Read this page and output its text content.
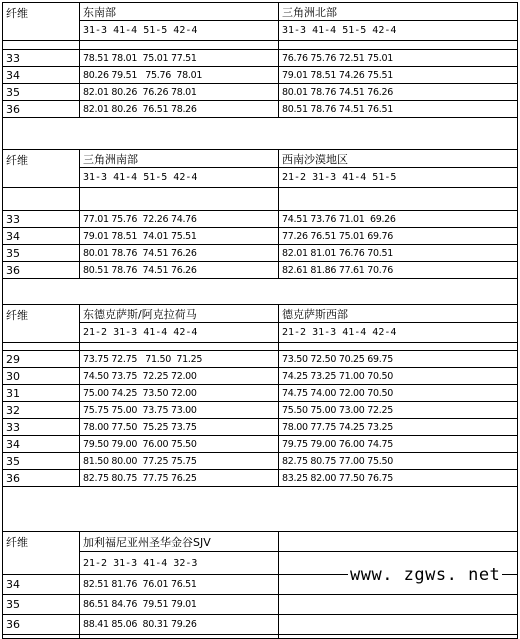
纤维	东南部	三角洲北部
	31-3 41-4 51-5 42-4	31-3 41-4 51-5 42-4

33	78.51 78.01  75.01 77.51	76.76 75.76 72.51 75.01
34	80.26 79.51   75.76  78.01	79.01 78.51 74.26 75.51
35	82.01 80.26  76.26 78.01	80.01 78.76 74.51 76.26
36	82.01 80.26  76.51 78.26	80.51 78.76 74.51 76.51

纤维	三角洲南部	西南沙漠地区
	31-3 41-4 51-5 42-4	21-2 31-3 41-4 51-5

33	77.01 75.76  72.26 74.76	74.51 73.76 71.01  69.26
34	79.01 78.51  74.01 75.51	77.26 76.51 75.01 69.76
35	80.01 78.76  74.51 76.26	82.01 81.01 76.76 70.51
36	80.51 78.76  74.51 76.26	82.61 81.86 77.61 70.76

纤维	东德克萨斯/阿克拉荷马	德克萨斯西部
	21-2 31-3 41-4 42-4	21-2 31-3 41-4 42-4

29	73.75 72.75   71.50  71.25	73.50 72.50 70.25 69.75
30	74.50 73.75  72.25 72.00	74.25 73.25 71.00 70.50
31	75.00 74.25  73.50 72.00	74.75 74.00 72.00 70.50
32	75.75 75.00  73.75 73.00	75.50 75.00 73.00 72.25
33	78.00 77.50  75.25 73.75	78.00 77.75 74.25 73.25
34	79.50 79.00  76.00 75.50	79.75 79.00 76.00 74.75
35	81.50 80.00  77.25 75.75	82.75 80.75 77.00 75.50
36	82.75 80.75  77.75 76.25	83.25 82.00 77.50 76.75

纤维	加利福尼亚州圣华金谷SJV	
	21-2 31-3 41-4 32-3	
34	82.51 81.76  76.01 76.51	
35	86.51 84.76  79.51 79.01	
36	88.41 85.06  80.31 79.26	

www. zgws. net
